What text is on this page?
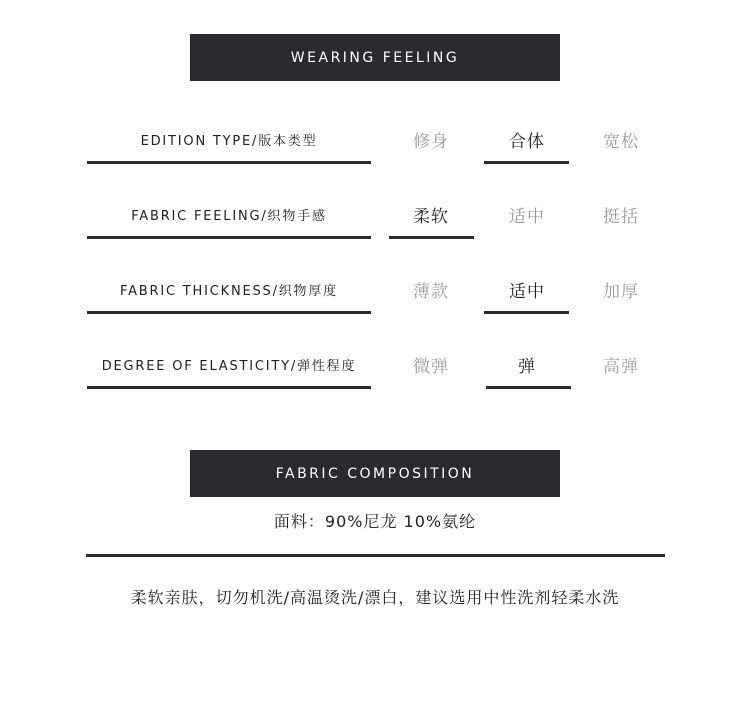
WEARING FEELING
EDITION TYPE/版本类型	修身	合体	宽松
FABRIC FEELING/织物手感	柔软	适中	挺括
FABRIC THICKNESS/织物厚度	薄款	适中	加厚
DEGREE OF ELASTICITY/弹性程度	微弹	弹	高弹
FABRIC COMPOSITION
面料：90%尼龙 10%氨纶
柔软亲肤，切勿机洗/高温烫洗/漂白，建议选用中性洗剂轻柔水洗
